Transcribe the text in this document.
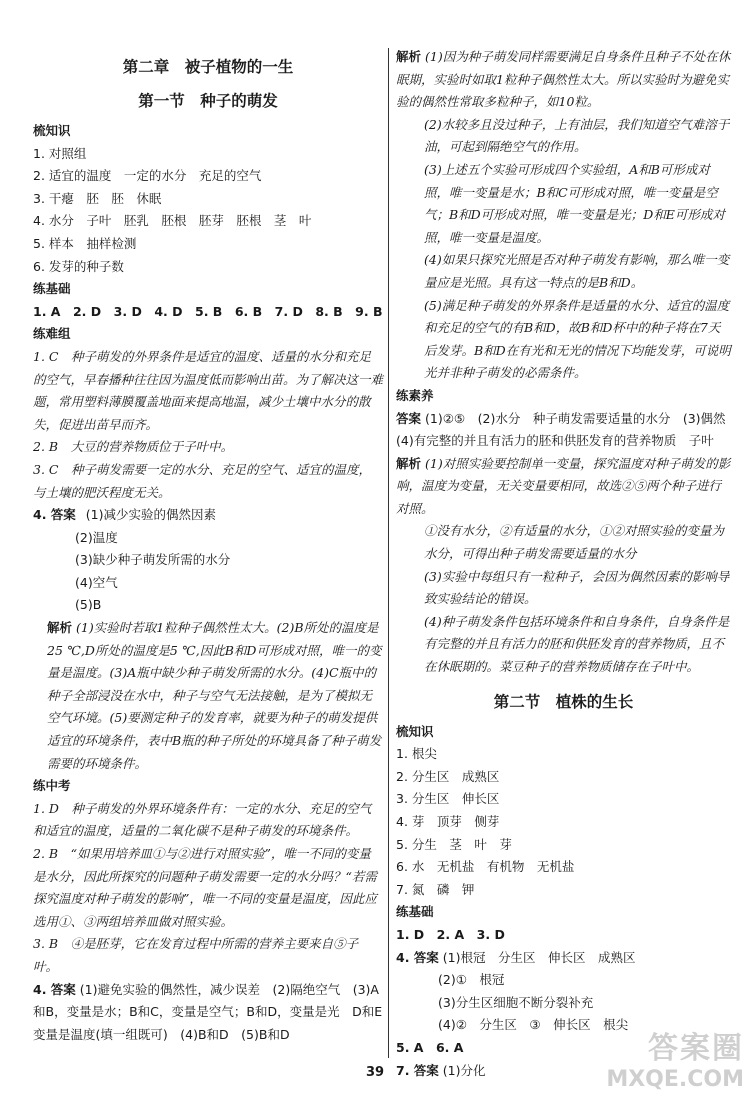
第二章　被子植物的一生
第一节　种子的萌发
梳知识
1. 对照组
2. 适宜的温度　一定的水分　充足的空气
3. 干瘪　胚　胚　休眠
4. 水分　子叶　胚乳　胚根　胚芽　胚根　茎　叶
5. 样本　抽样检测
6. 发芽的种子数
练基础
1. A　2. D　3. D　4. D　5. B　6. B　7. D　8. B　9. B
练难组
1. C　种子萌发的外界条件是适宜的温度、适量的水分和充足的空气，早春播种往往因为温度低而影响出苗。为了解决这一难题，常用塑料薄膜覆盖地面来提高地温，减少土壤中水分的散失，促进出苗早而齐。
2. B　大豆的营养物质位于子叶中。
3. C　种子萌发需要一定的水分、充足的空气、适宜的温度，与土壤的肥沃程度无关。
4. 答案 (1)减少实验的偶然因素
(2)温度
(3)缺少种子萌发所需的水分
(4)空气
(5)B
解析 (1)实验时若取1粒种子偶然性太大。(2)B所处的温度是25 ℃,D所处的温度是5 ℃,因此B和D可形成对照，唯一的变量是温度。(3)A瓶中缺少种子萌发所需的水分。(4)C瓶中的种子全部浸没在水中，种子与空气无法接触，是为了模拟无空气环境。(5)要测定种子的发育率，就要为种子的萌发提供适宜的环境条件，表中B瓶的种子所处的环境具备了种子萌发需要的环境条件。
练中考
1. D　种子萌发的外界环境条件有：一定的水分、充足的空气和适宜的温度，适量的二氧化碳不是种子萌发的环境条件。
2. B　“如果用培养皿①与②进行对照实验”，唯一不同的变量是水分，因此所探究的问题种子萌发需要一定的水分吗？“若需探究温度对种子萌发的影响”，唯一不同的变量是温度，因此应选用①、③两组培养皿做对照实验。
3. B　④是胚芽，它在发育过程中所需的营养主要来自⑤子叶。
4. 答案 (1)避免实验的偶然性，减少误差　(2)隔绝空气　(3)A和B，变量是水；B和C，变量是空气；B和D，变量是光　D和E变量是温度(填一组既可)　(4)B和D　(5)B和D
解析 (1)因为种子萌发同样需要满足自身条件且种子不处在休眠期，实验时如取1粒种子偶然性太大。所以实验时为避免实验的偶然性常取多粒种子，如10粒。
(2)水较多且没过种子，上有油层，我们知道空气难溶于油，可起到隔绝空气的作用。
(3)上述五个实验可形成四个实验组，A和B可形成对照，唯一变量是水；B和C可形成对照，唯一变量是空气；B和D可形成对照，唯一变量是光；D和E可形成对照，唯一变量是温度。
(4)如果只探究光照是否对种子萌发有影响，那么唯一变量应是光照。具有这一特点的是B和D。
(5)满足种子萌发的外界条件是适量的水分、适宜的温度和充足的空气的有B和D，故B和D杯中的种子将在7天后发芽。B和D在有光和无光的情况下均能发芽，可说明光并非种子萌发的必需条件。
练素养
答案 (1)②⑤　(2)水分　种子萌发需要适量的水分　(3)偶然　(4)有完整的并且有活力的胚和供胚发育的营养物质　子叶
解析 (1)对照实验要控制单一变量，探究温度对种子萌发的影响，温度为变量，无关变量要相同，故选②⑤两个种子进行对照。
①没有水分，②有适量的水分，①②对照实验的变量为水分，可得出种子萌发需要适量的水分
(3)实验中每组只有一粒种子，会因为偶然因素的影响导致实验结论的错误。
(4)种子萌发条件包括环境条件和自身条件，自身条件是有完整的并且有活力的胚和供胚发育的营养物质，且不在休眠期的。菜豆种子的营养物质储存在子叶中。
第二节　植株的生长
梳知识
1. 根尖
2. 分生区　成熟区
3. 分生区　伸长区
4. 芽　顶芽　侧芽
5. 分生　茎　叶　芽
6. 水　无机盐　有机物　无机盐
7. 氮　磷　钾
练基础
1. D　2. A　3. D
4. 答案 (1)根冠　分生区　伸长区　成熟区
(2)①　根冠
(3)分生区细胞不断分裂补充
(4)②　分生区　③　伸长区　根尖
5. A　6. A
7. 答案 (1)分化
39
答案圈
MXQE.COM
